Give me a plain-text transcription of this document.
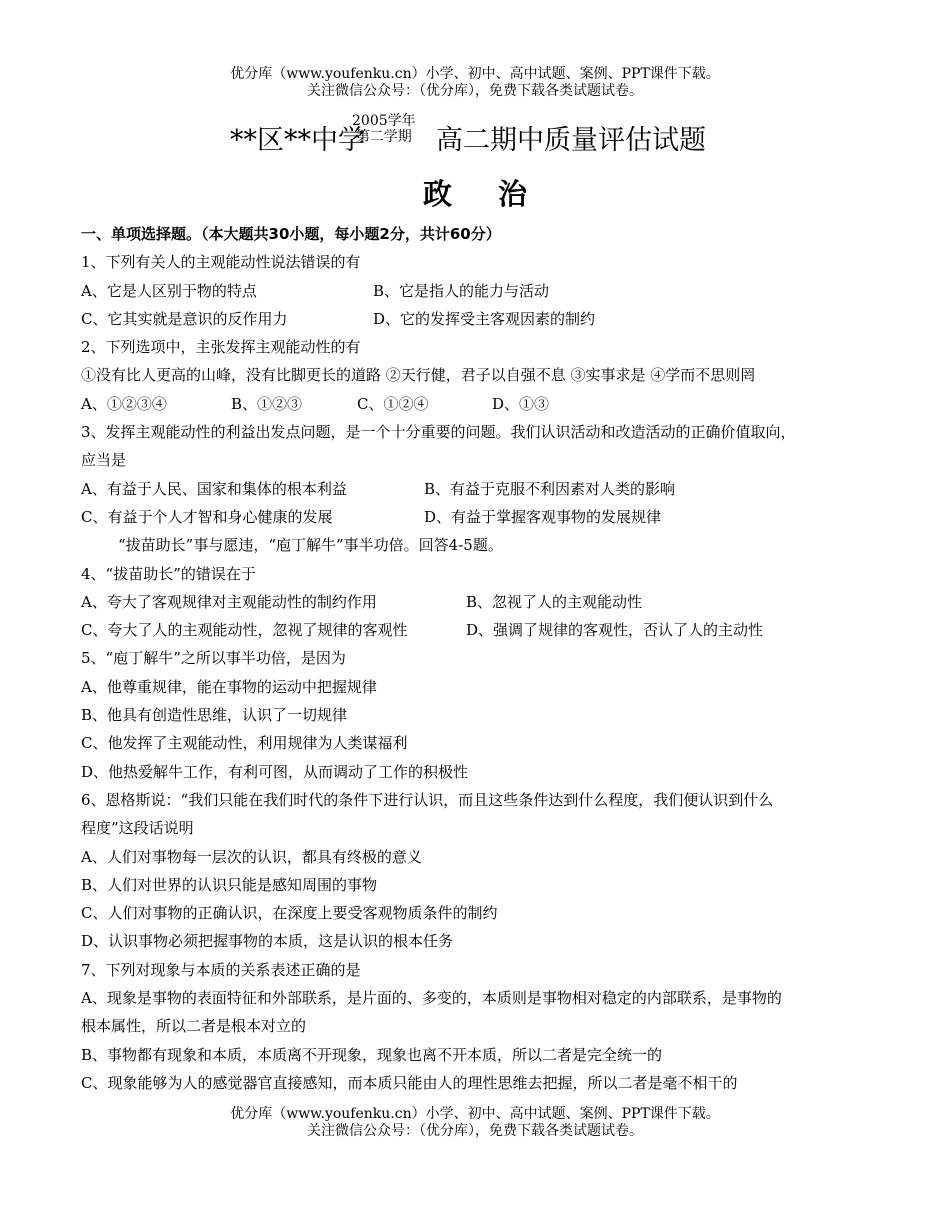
优分库（www.youfenku.cn）小学、初中、高中试题、案例、PPT课件下载。
关注微信公众号：（优分库），免费下载各类试题试卷。
**区**中学
2005学年
第二学期 高二期中质量评估试题
政治
一、单项选择题。（本大题共30小题，每小题2分，共计60分）
1、下列有关人的主观能动性说法错误的有
A、它是人区别于物的特点	B、它是指人的能力与活动
C、它其实就是意识的反作用力	D、它的发挥受主客观因素的制约
2、下列选项中，主张发挥主观能动性的有
①没有比人更高的山峰，没有比脚更长的道路 ②天行健，君子以自强不息 ③实事求是 ④学而不思则罔
A、①②③④	B、①②③	C、①②④	D、①③
3、发挥主观能动性的利益出发点问题，是一个十分重要的问题。我们认识活动和改造活动的正确价值取向，
应当是
A、有益于人民、国家和集体的根本利益	B、有益于克服不利因素对人类的影响
C、有益于个人才智和身心健康的发展	D、有益于掌握客观事物的发展规律
“拔苗助长”事与愿违，“庖丁解牛”事半功倍。回答4-5题。
4、“拔苗助长”的错误在于
A、夸大了客观规律对主观能动性的制约作用	B、忽视了人的主观能动性
C、夸大了人的主观能动性，忽视了规律的客观性	D、强调了规律的客观性，否认了人的主动性
5、“庖丁解牛”之所以事半功倍，是因为
A、他尊重规律，能在事物的运动中把握规律
B、他具有创造性思维，认识了一切规律
C、他发挥了主观能动性，利用规律为人类谋福利
D、他热爱解牛工作，有利可图，从而调动了工作的积极性
6、恩格斯说：“我们只能在我们时代的条件下进行认识，而且这些条件达到什么程度，我们便认识到什么
程度”这段话说明
A、人们对事物每一层次的认识，都具有终极的意义
B、人们对世界的认识只能是感知周围的事物
C、人们对事物的正确认识，在深度上要受客观物质条件的制约
D、认识事物必须把握事物的本质，这是认识的根本任务
7、下列对现象与本质的关系表述正确的是
A、现象是事物的表面特征和外部联系，是片面的、多变的，本质则是事物相对稳定的内部联系，是事物的
根本属性，所以二者是根本对立的
B、事物都有现象和本质，本质离不开现象，现象也离不开本质，所以二者是完全统一的
C、现象能够为人的感觉器官直接感知，而本质只能由人的理性思维去把握，所以二者是毫不相干的
优分库（www.youfenku.cn）小学、初中、高中试题、案例、PPT课件下载。
关注微信公众号：（优分库），免费下载各类试题试卷。
